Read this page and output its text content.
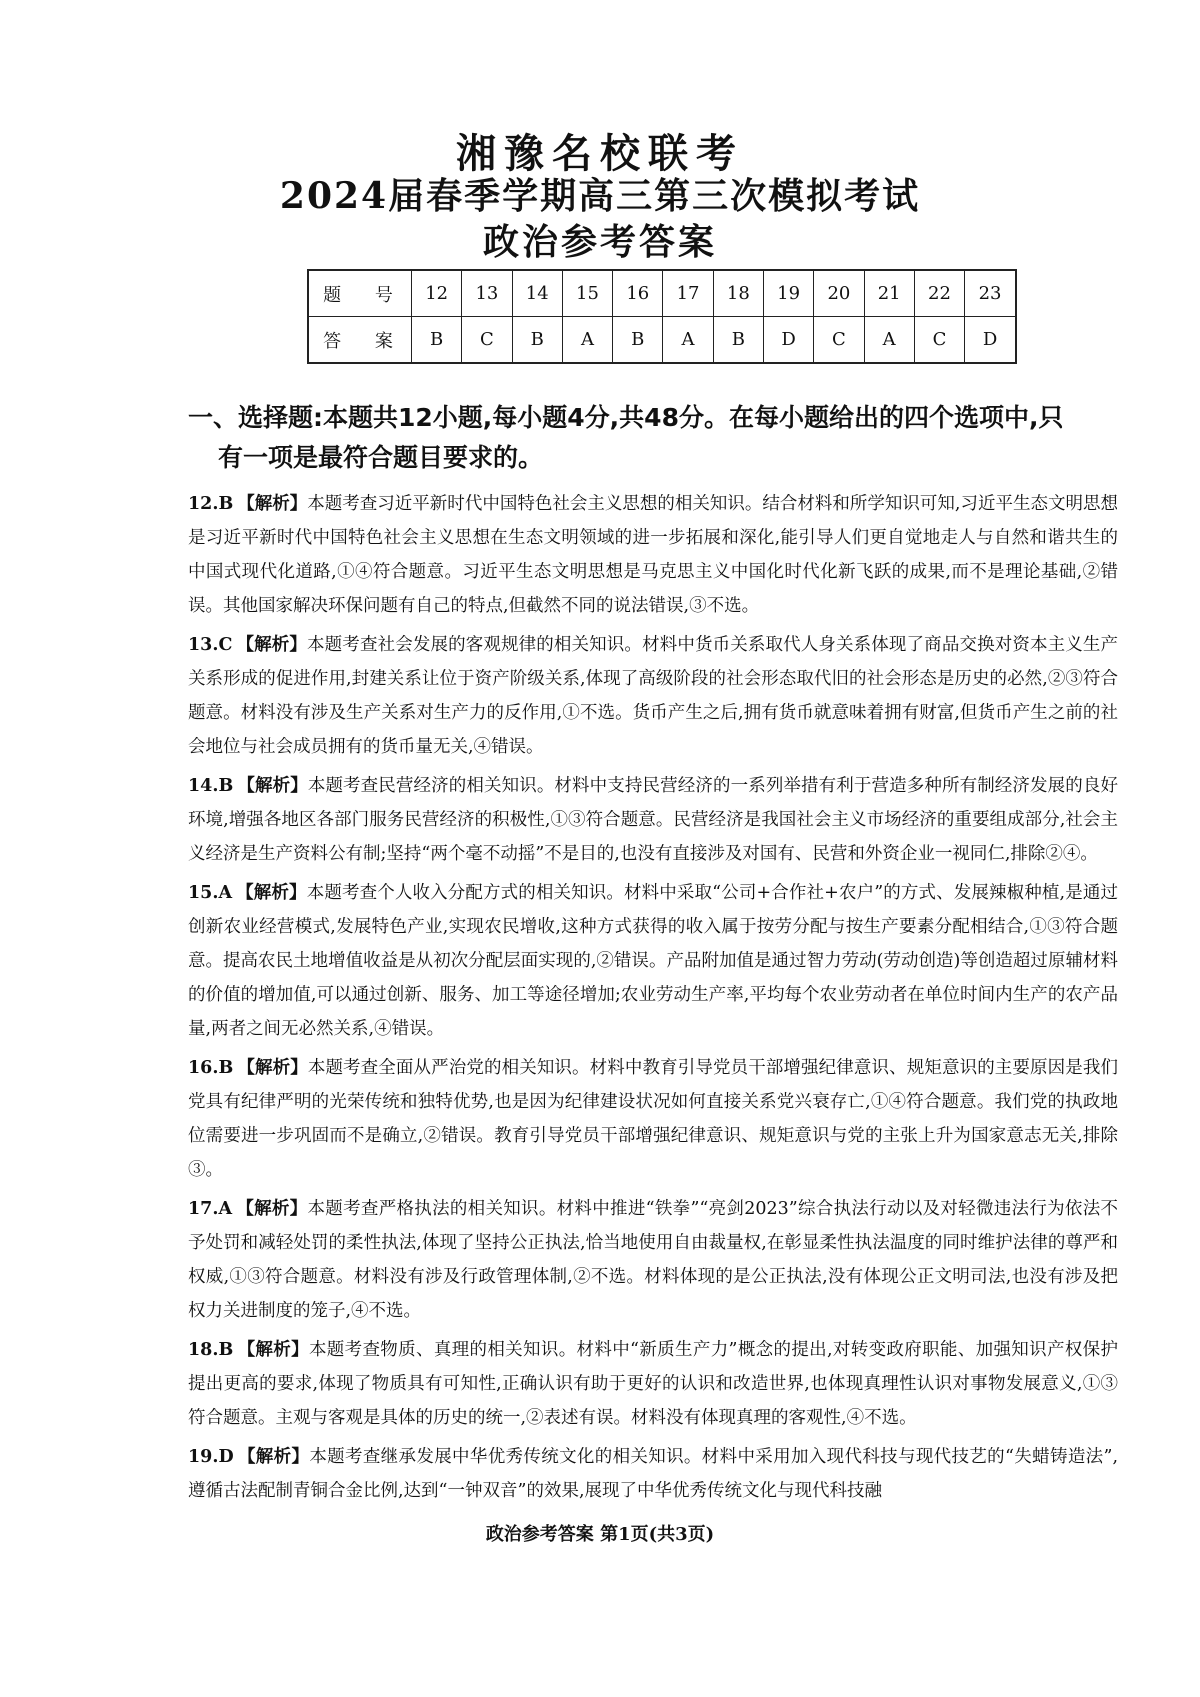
湘豫名校联考
2024届春季学期高三第三次模拟考试
政治参考答案
题 号	12	13	14	15	16	17	18	19	20	21	22	23
答 案	B	C	B	A	B	A	B	D	C	A	C	D

一、选择题:本题共12小题,每小题4分,共48分。在每小题给出的四个选项中,只
有一项是最符合题目要求的。

12.B 【解析】本题考查习近平新时代中国特色社会主义思想的相关知识。结合材料和所学知识可知,习近平生态文明思想是习近平新时代中国特色社会主义思想在生态文明领域的进一步拓展和深化,能引导人们更自觉地走人与自然和谐共生的中国式现代化道路,①④符合题意。习近平生态文明思想是马克思主义中国化时代化新飞跃的成果,而不是理论基础,②错误。其他国家解决环保问题有自己的特点,但截然不同的说法错误,③不选。

13.C 【解析】本题考查社会发展的客观规律的相关知识。材料中货币关系取代人身关系体现了商品交换对资本主义生产关系形成的促进作用,封建关系让位于资产阶级关系,体现了高级阶段的社会形态取代旧的社会形态是历史的必然,②③符合题意。材料没有涉及生产关系对生产力的反作用,①不选。货币产生之后,拥有货币就意味着拥有财富,但货币产生之前的社会地位与社会成员拥有的货币量无关,④错误。

14.B 【解析】本题考查民营经济的相关知识。材料中支持民营经济的一系列举措有利于营造多种所有制经济发展的良好环境,增强各地区各部门服务民营经济的积极性,①③符合题意。民营经济是我国社会主义市场经济的重要组成部分,社会主义经济是生产资料公有制;坚持“两个毫不动摇”不是目的,也没有直接涉及对国有、民营和外资企业一视同仁,排除②④。

15.A 【解析】本题考查个人收入分配方式的相关知识。材料中采取“公司+合作社+农户”的方式、发展辣椒种植,是通过创新农业经营模式,发展特色产业,实现农民增收,这种方式获得的收入属于按劳分配与按生产要素分配相结合,①③符合题意。提高农民土地增值收益是从初次分配层面实现的,②错误。产品附加值是通过智力劳动(劳动创造)等创造超过原辅材料的价值的增加值,可以通过创新、服务、加工等途径增加;农业劳动生产率,平均每个农业劳动者在单位时间内生产的农产品量,两者之间无必然关系,④错误。

16.B 【解析】本题考查全面从严治党的相关知识。材料中教育引导党员干部增强纪律意识、规矩意识的主要原因是我们党具有纪律严明的光荣传统和独特优势,也是因为纪律建设状况如何直接关系党兴衰存亡,①④符合题意。我们党的执政地位需要进一步巩固而不是确立,②错误。教育引导党员干部增强纪律意识、规矩意识与党的主张上升为国家意志无关,排除③。

17.A 【解析】本题考查严格执法的相关知识。材料中推进“铁拳”“亮剑2023”综合执法行动以及对轻微违法行为依法不予处罚和减轻处罚的柔性执法,体现了坚持公正执法,恰当地使用自由裁量权,在彰显柔性执法温度的同时维护法律的尊严和权威,①③符合题意。材料没有涉及行政管理体制,②不选。材料体现的是公正执法,没有体现公正文明司法,也没有涉及把权力关进制度的笼子,④不选。

18.B 【解析】本题考查物质、真理的相关知识。材料中“新质生产力”概念的提出,对转变政府职能、加强知识产权保护提出更高的要求,体现了物质具有可知性,正确认识有助于更好的认识和改造世界,也体现真理性认识对事物发展意义,①③符合题意。主观与客观是具体的历史的统一,②表述有误。材料没有体现真理的客观性,④不选。

19.D 【解析】本题考查继承发展中华优秀传统文化的相关知识。材料中采用加入现代科技与现代技艺的“失蜡铸造法”,遵循古法配制青铜合金比例,达到“一钟双音”的效果,展现了中华优秀传统文化与现代科技融

政治参考答案 第1页(共3页)
